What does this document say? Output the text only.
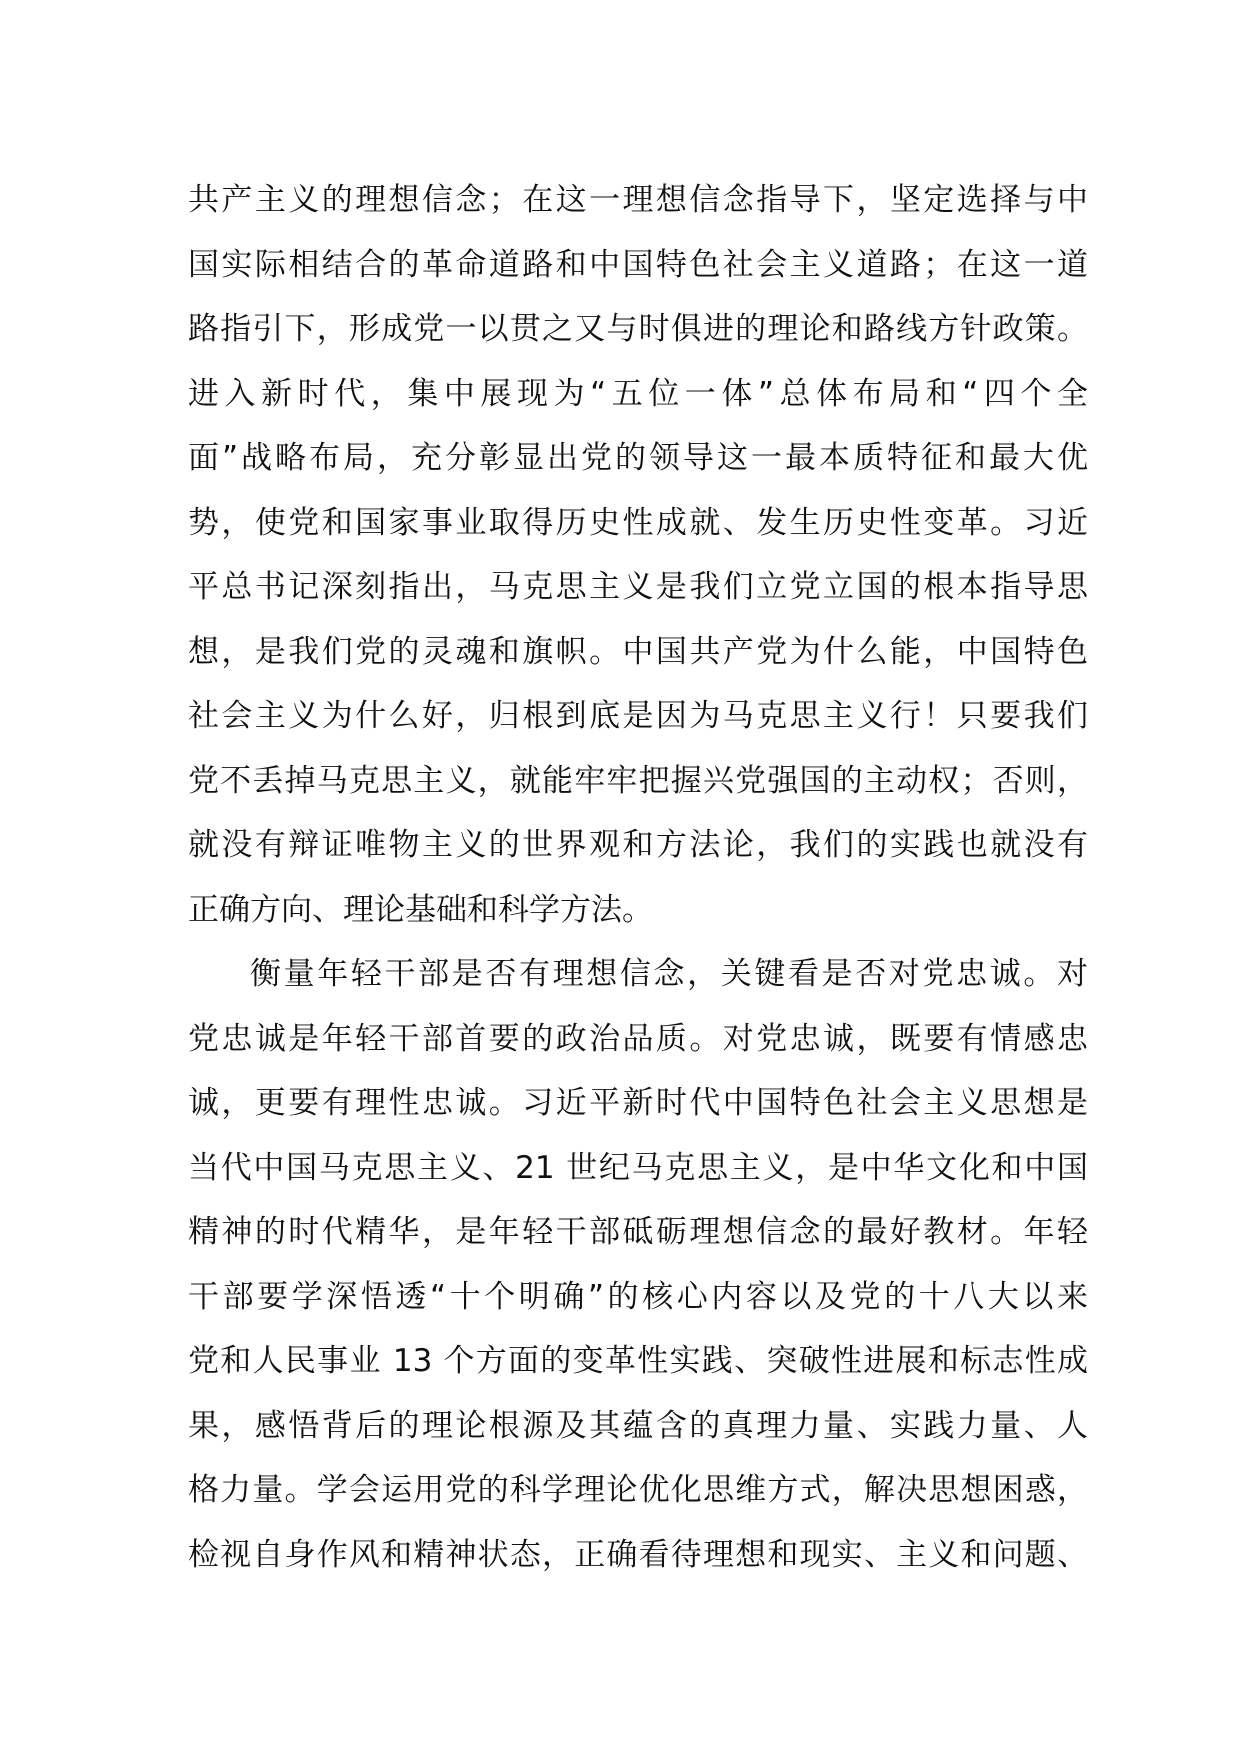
共产主义的理想信念；在这一理想信念指导下，坚定选择与中
国实际相结合的革命道路和中国特色社会主义道路；在这一道
路指引下，形成党一以贯之又与时俱进的理论和路线方针政策。
进入新时代，集中展现为“五位一体”总体布局和“四个全
面”战略布局，充分彰显出党的领导这一最本质特征和最大优
势，使党和国家事业取得历史性成就、发生历史性变革。习近
平总书记深刻指出，马克思主义是我们立党立国的根本指导思
想，是我们党的灵魂和旗帜。中国共产党为什么能，中国特色
社会主义为什么好，归根到底是因为马克思主义行！只要我们
党不丢掉马克思主义，就能牢牢把握兴党强国的主动权；否则，
就没有辩证唯物主义的世界观和方法论，我们的实践也就没有
正确方向、理论基础和科学方法。
衡量年轻干部是否有理想信念，关键看是否对党忠诚。对
党忠诚是年轻干部首要的政治品质。对党忠诚，既要有情感忠
诚，更要有理性忠诚。习近平新时代中国特色社会主义思想是
当代中国马克思主义、21 世纪马克思主义，是中华文化和中国
精神的时代精华，是年轻干部砥砺理想信念的最好教材。年轻
干部要学深悟透“十个明确”的核心内容以及党的十八大以来
党和人民事业 13 个方面的变革性实践、突破性进展和标志性成
果，感悟背后的理论根源及其蕴含的真理力量、实践力量、人
格力量。学会运用党的科学理论优化思维方式，解决思想困惑，
检视自身作风和精神状态，正确看待理想和现实、主义和问题、
